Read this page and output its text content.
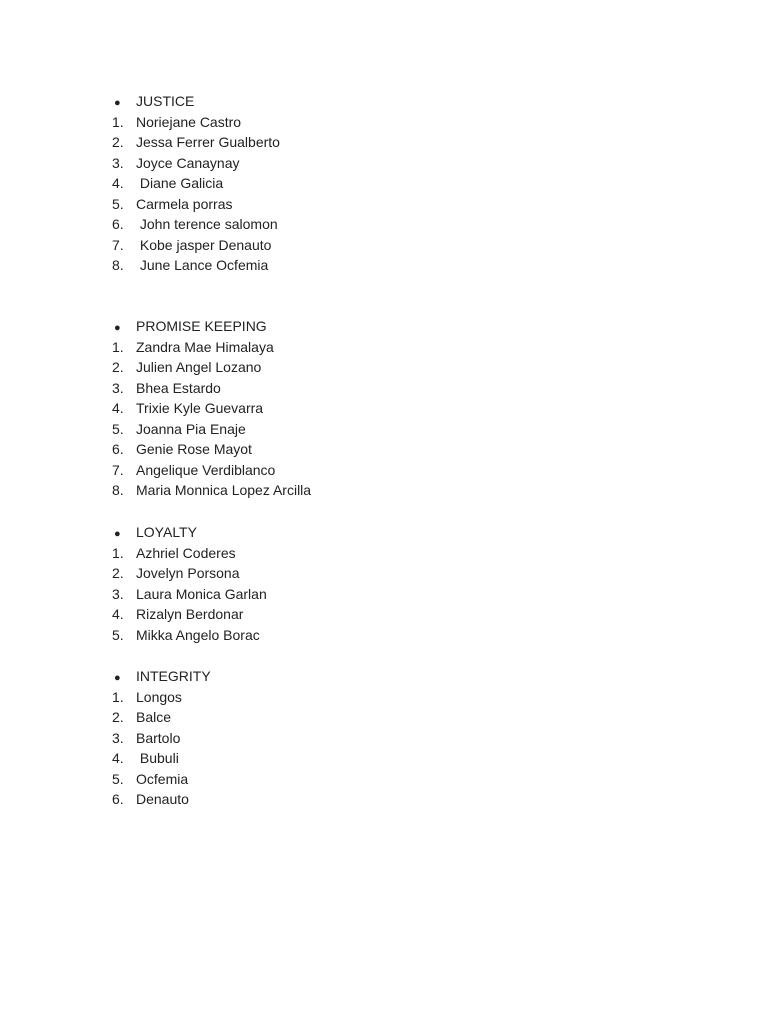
●	JUSTICE
1. Noriejane Castro
2. Jessa Ferrer Gualberto
3. Joyce Canaynay
4. Diane Galicia
5. Carmela porras
6. John terence salomon
7. Kobe jasper Denauto
8. June Lance Ocfemia
●	PROMISE KEEPING
1. Zandra Mae Himalaya
2. Julien Angel Lozano
3. Bhea Estardo
4. Trixie Kyle Guevarra
5. Joanna Pia Enaje
6. Genie Rose Mayot
7. Angelique Verdiblanco
8. Maria Monnica Lopez Arcilla
●	LOYALTY
1. Azhriel Coderes
2. Jovelyn Porsona
3. Laura Monica Garlan
4. Rizalyn Berdonar
5. Mikka Angelo Borac
●	INTEGRITY
1. Longos
2. Balce
3. Bartolo
4. Bubuli
5. Ocfemia
6. Denauto
